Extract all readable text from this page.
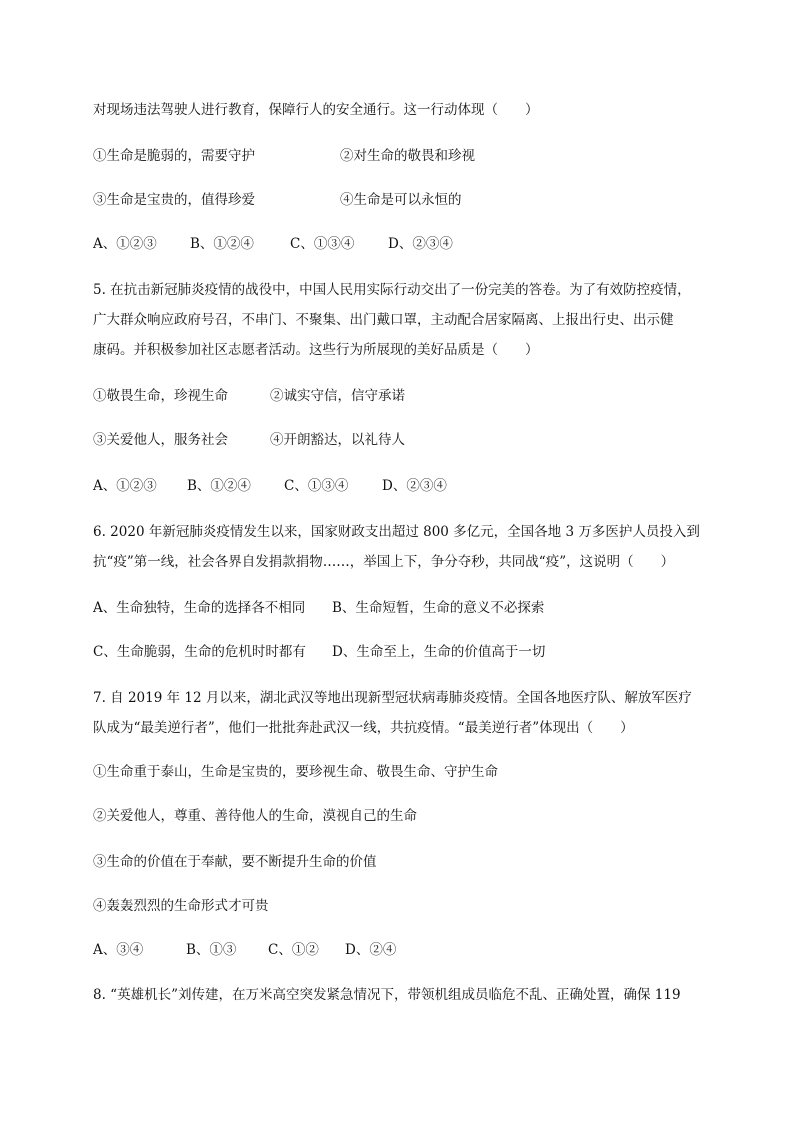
对现场违法驾驶人进行教育，保障行人的安全通行。这一行动体现（　　）
①生命是脆弱的，需要守护	②对生命的敬畏和珍视
③生命是宝贵的，值得珍爱	④生命是可以永恒的
A、①②③ B、①②④	C、①③④ D、②③④
5. 在抗击新冠肺炎疫情的战役中，中国人民用实际行动交出了一份完美的答卷。为了有效防控疫情，
广大群众响应政府号召，不串门、不聚集、出门戴口罩，主动配合居家隔离、上报出行史、出示健
康码。并积极参加社区志愿者活动。这些行为所展现的美好品质是（　　）
①敬畏生命，珍视生命	②诚实守信，信守承诺
③关爱他人，服务社会	④开朗豁达，以礼待人
A、①②③ B、①②④ C、①③④ D、②③④
6. 2020 年新冠肺炎疫情发生以来，国家财政支出超过 800 多亿元，全国各地 3 万多医护人员投入到
抗“疫”第一线，社会各界自发捐款捐物……，举国上下，争分夺秒，共同战“疫”，这说明（　　）
A、生命独特，生命的选择各不相同 B、生命短暂，生命的意义不必探索
C、生命脆弱，生命的危机时时都有 D、生命至上，生命的价值高于一切
7. 自 2019 年 12 月以来，湖北武汉等地出现新型冠状病毒肺炎疫情。全国各地医疗队、解放军医疗
队成为“最美逆行者”，他们一批批奔赴武汉一线，共抗疫情。“最美逆行者”体现出（　　）
①生命重于泰山，生命是宝贵的，要珍视生命、敬畏生命、守护生命
②关爱他人，尊重、善待他人的生命，漠视自己的生命
③生命的价值在于奉献，要不断提升生命的价值
④轰轰烈烈的生命形式才可贵
A、③④	B、①③ C、①② D、②④
8. “英雄机长”刘传建，在万米高空突发紧急情况下，带领机组成员临危不乱、正确处置，确保 119
